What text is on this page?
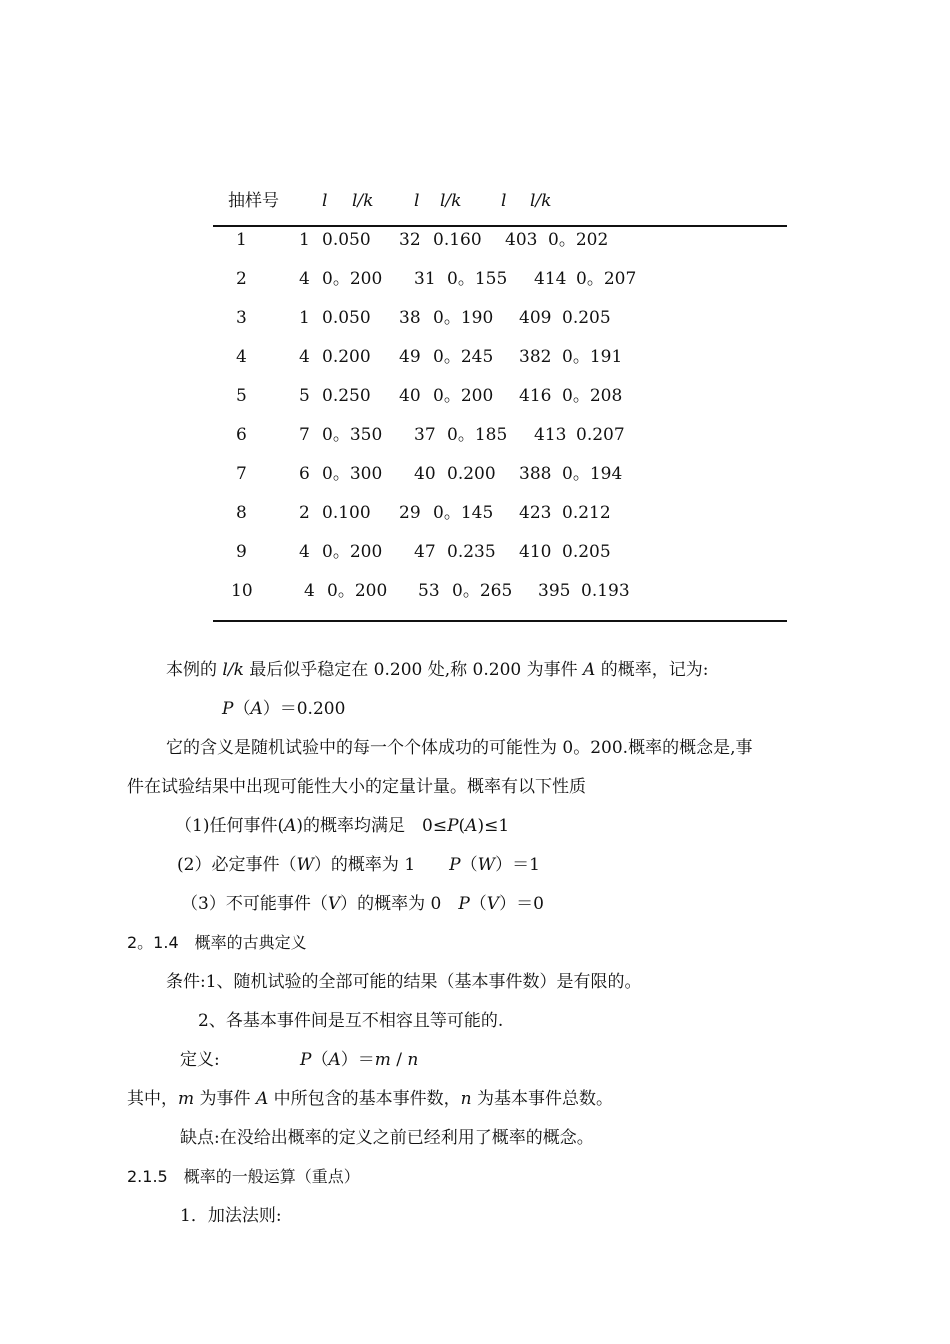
抽样号	l l/k l l/k l l/k
1	1 0.050 32 0.160 403 0。202
2	4 0。200 31 0。155 414 0。207
3	1 0.050 38 0。190 409 0.205
4	4 0.200 49 0。245 382 0。191
5	5 0.250 40 0。200 416 0。208
6	7 0。350 37 0。185 413 0.207
7	6 0。300 40 0.200 388 0。194
8	2 0.100 29 0。145 423 0.212
9	4 0。200 47 0.235 410 0.205
10	4 0。200 53 0。265 395 0.193
本例的 l/k 最后似乎稳定在 0.200 处,称 0.200 为事件 A 的概率，记为:
P（A）＝0.200
它的含义是随机试验中的每一个个体成功的可能性为 0。200.概率的概念是,事
件在试验结果中出现可能性大小的定量计量。概率有以下性质
（1)任何事件(A)的概率均满足　0≤P(A)≤1
(2）必定事件（W）的概率为 1　　P（W）＝1
（3）不可能事件（V）的概率为 0　P（V）＝0
2。1.4　概率的古典定义
条件:1、随机试验的全部可能的结果（基本事件数）是有限的。
2、各基本事件间是互不相容且等可能的.
定义:	P（A）＝m / n
其中，m 为事件 A 中所包含的基本事件数，n 为基本事件总数。
缺点:在没给出概率的定义之前已经利用了概率的概念。
2.1.5　概率的一般运算（重点）
1．加法法则:
